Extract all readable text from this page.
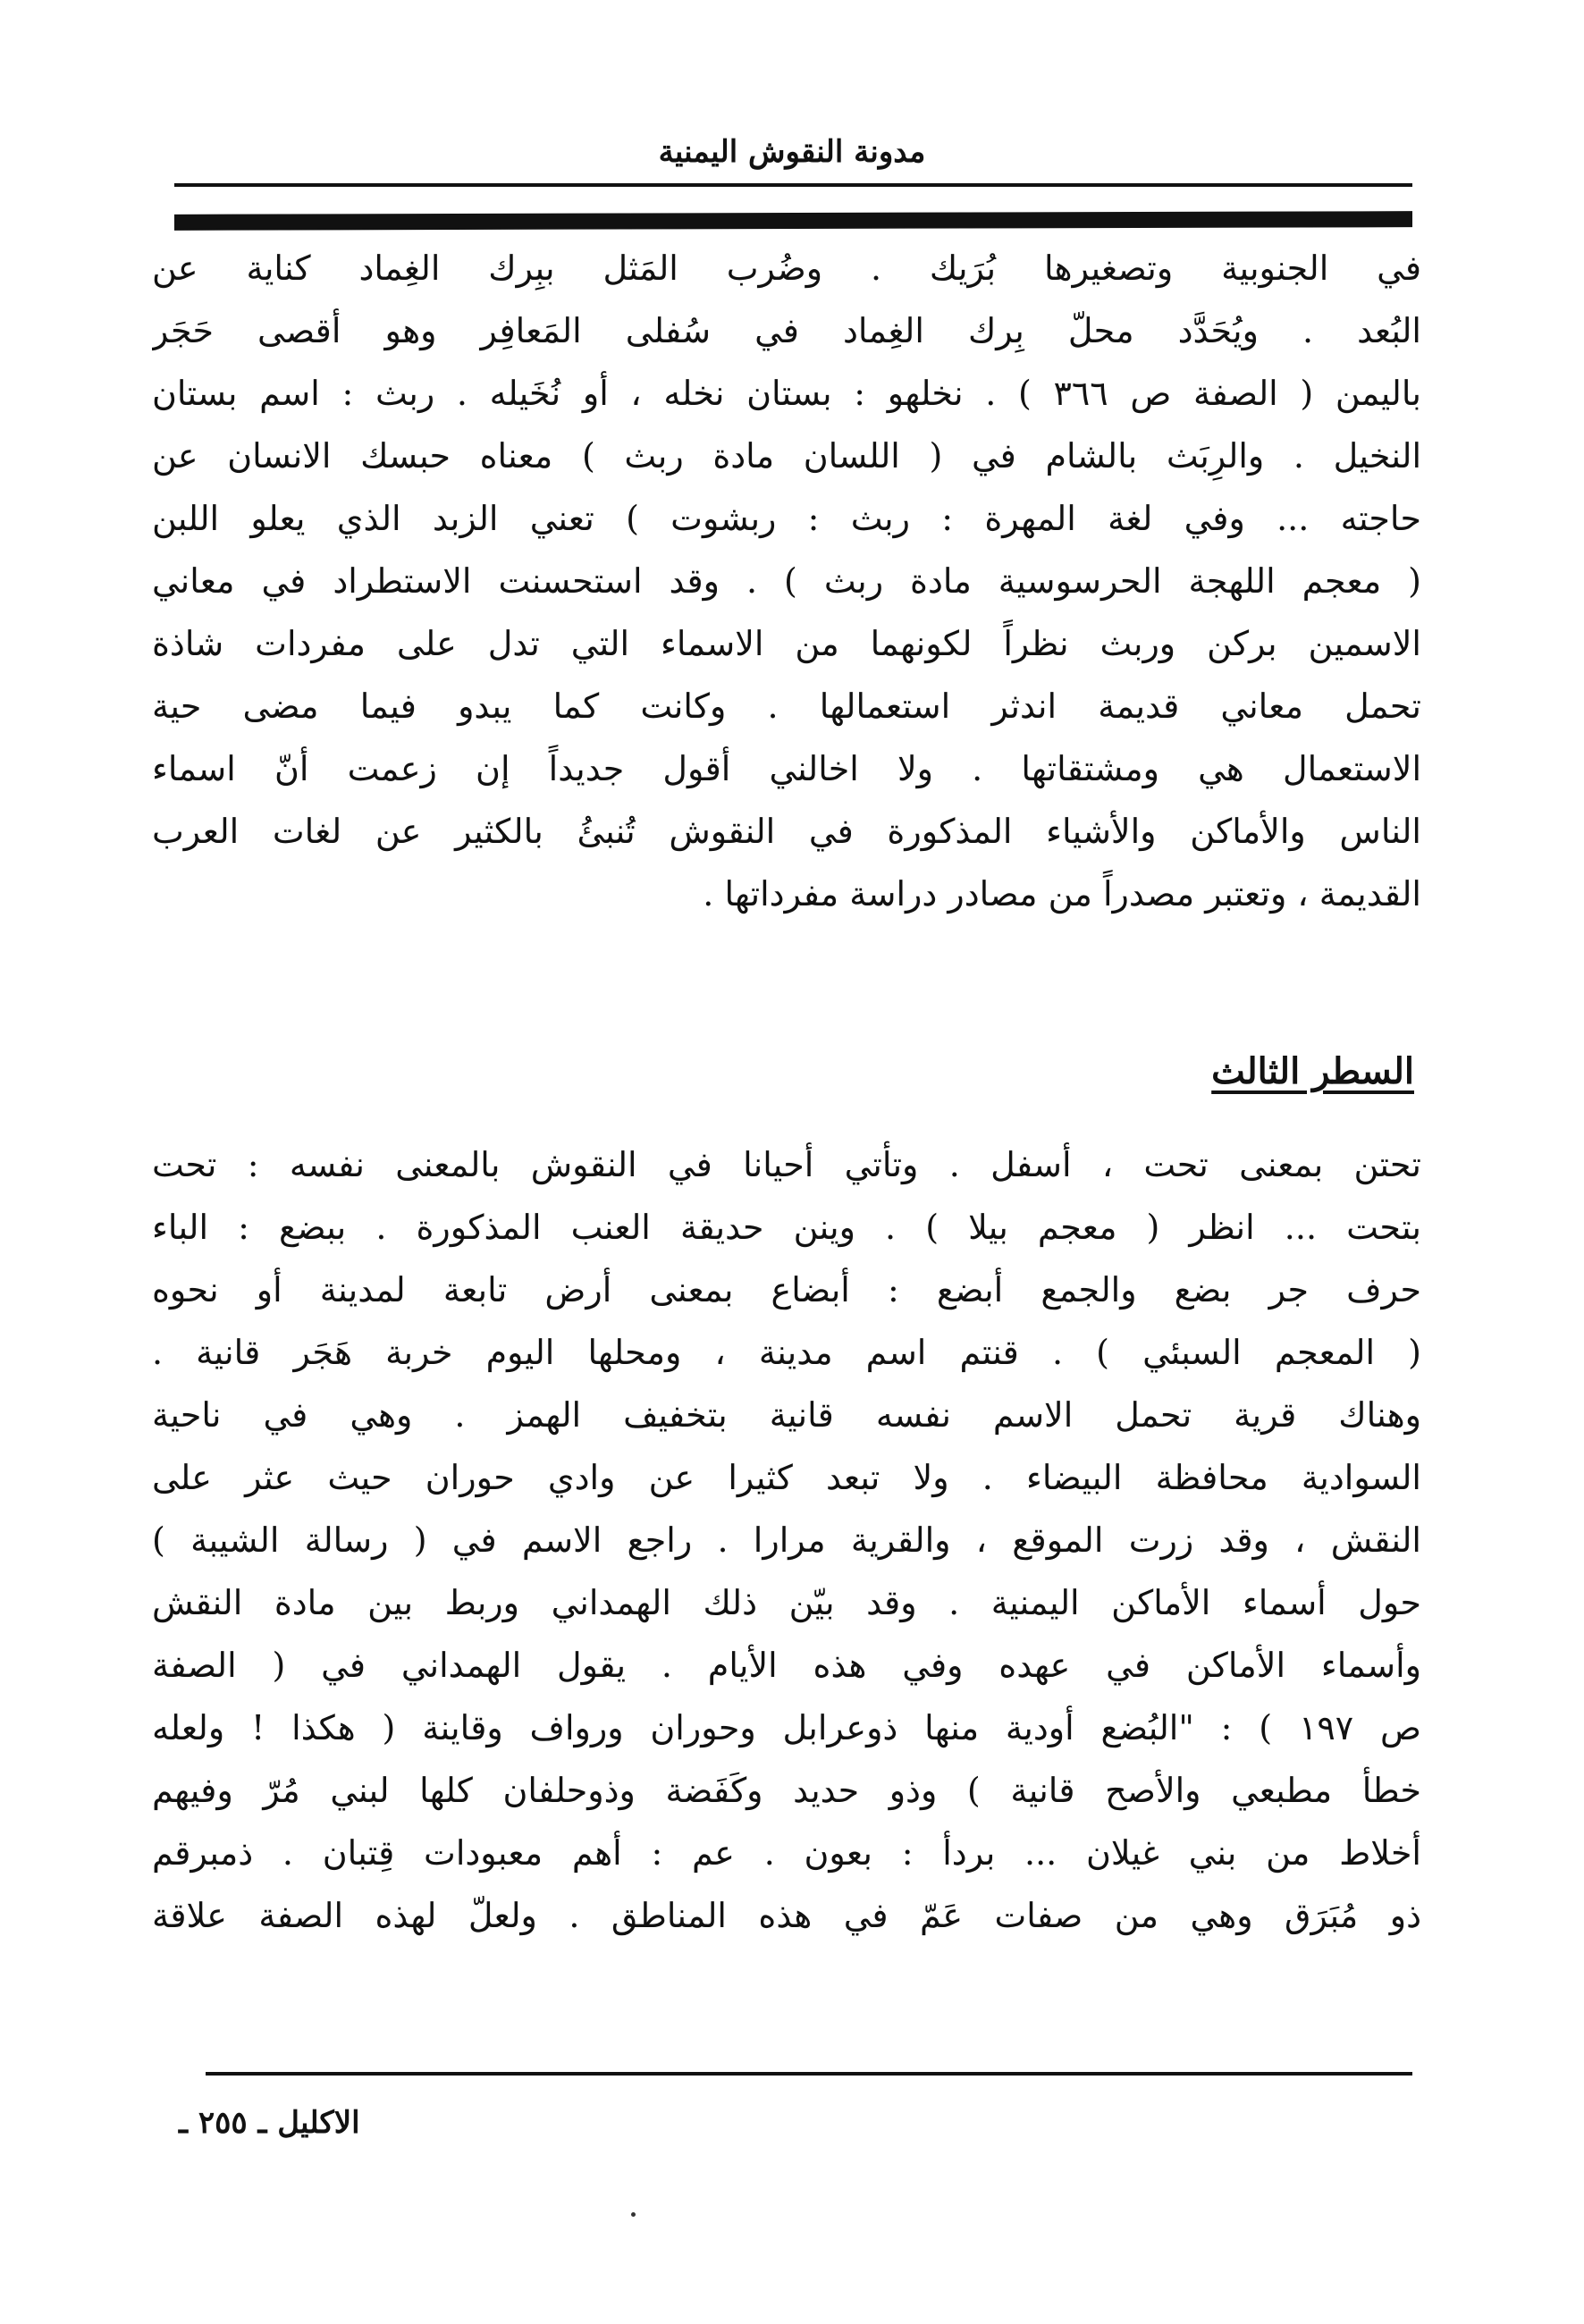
مدونة النقوش اليمنية
في الجنوبية وتصغيرها بُرَيك . وضُرب المَثل ببِرك الغِماد كناية عن
البُعد . ويُحَدَّد محلّ بِرك الغِماد في سُفلى المَعافِر وهو أقصى حَجَر
باليمن ( الصفة ص ٣٦٦ ) . نخلهو : بستان نخله ، أو نُخَيله . ربث : اسم بستان
النخيل . والرِبَث بالشام في ( اللسان مادة ربث ) معناه حبسك الانسان عن
حاجته ... وفي لغة المهرة : ربث : ربشوت ) تعني الزبد الذي يعلو اللبن
( معجم اللهجة الحرسوسية مادة ربث ) . وقد استحسنت الاستطراد في معاني
الاسمين بركن وربث نظراً لكونهما من الاسماء التي تدل على مفردات شاذة
تحمل معاني قديمة اندثر استعمالها . وكانت كما يبدو فيما مضى حية
الاستعمال هي ومشتقاتها . ولا اخالني أقول جديداً إن زعمت أنّ اسماء
الناس والأماكن والأشياء المذكورة في النقوش تُنبئُ بالكثير عن لغات العرب
القديمة ، وتعتبر مصدراً من مصادر دراسة مفرداتها .
السطر الثالث
تحتن بمعنى تحت ، أسفل . وتأتي أحيانا في النقوش بالمعنى نفسه : تحت
بتحت ... انظر ( معجم بيلا ) . وينن حديقة العنب المذكورة . ببضع : الباء
حرف جر بضع والجمع أبضع : أبضاع بمعنى أرض تابعة لمدينة أو نحوه
( المعجم السبئي ) . قنتم اسم مدينة ، ومحلها اليوم خربة هَجَر قانية .
وهناك قرية تحمل الاسم نفسه قانية بتخفيف الهمز . وهي في ناحية
السوادية محافظة البيضاء . ولا تبعد كثيرا عن وادي حوران حيث عثر على
النقش ، وقد زرت الموقع ، والقرية مرارا . راجع الاسم في ( رسالة الشيبة )
حول أسماء الأماكن اليمنية . وقد بيّن ذلك الهمداني وربط بين مادة النقش
وأسماء الأماكن في عهده وفي هذه الأيام . يقول الهمداني في ( الصفة
ص ١٩٧ ) : "البُضع أودية منها ذوعرابل وحوران ورواف وقاينة ( هكذا ! ولعله
خطأ مطبعي والأصح قانية ) وذو حديد وكَفَضة وذوحلفان كلها لبني مُرّ وفيهم
أخلاط من بني غيلان ... بردأ : بعون . عم : أهم معبودات قِتبان . ذمبرقم
ذو مُبَرَق وهي من صفات عَمّ في هذه المناطق . ولعلّ لهذه الصفة علاقة
الاكليل ـ ٢٥٥ ـ
